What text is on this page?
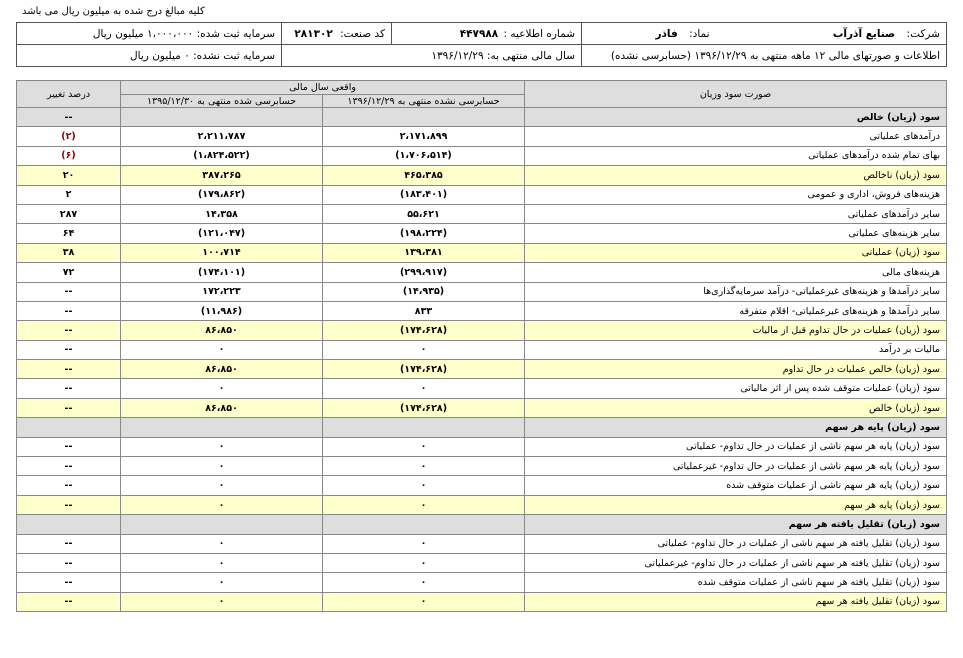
کلیه مبالغ درج شده به میلیون ریال می باشد
شرکت: صنایع آذرآب نماد: فاذر	شماره اطلاعیه : ۴۴۷۹۸۸	کد صنعت: ۲۸۱۳۰۲	سرمایه ثبت شده: ۱،۰۰۰،۰۰۰ میلیون ریال
اطلاعات و صورتهای مالی ۱۲ ماهه منتهی به ۱۳۹۶/۱۲/۲۹ (حسابرسی نشده)	سال مالی منتهی به: ۱۳۹۶/۱۲/۲۹		سرمایه ثبت نشده: ۰ میلیون ریال
صورت سود وزیان	واقعی سال مالی		درصد تغییر
	حسابرسی نشده منتهی به ۱۳۹۶/۱۲/۲۹	حسابرسی شده منتهی به ۱۳۹۵/۱۲/۳۰	
سود (زیان) خالص			--
درآمدهای عملیاتی	۲،۱۷۱،۸۹۹	۲،۲۱۱،۷۸۷	(۲)
بهای تمام شده درآمدهای عملیاتی	(۱،۷۰۶،۵۱۴)	(۱،۸۲۴،۵۲۲)	(۶)
سود (زیان) ناخالص	۴۶۵،۳۸۵	۳۸۷،۲۶۵	۲۰
هزینه‌های فروش، اداری و عمومی	(۱۸۳،۴۰۱)	(۱۷۹،۸۶۲)	۲
سایر درآمدهای عملیاتی	۵۵،۶۲۱	۱۴،۳۵۸	۲۸۷
سایر هزینه‌های عملیاتی	(۱۹۸،۲۲۴)	(۱۲۱،۰۴۷)	۶۴
سود (زیان) عملیاتی	۱۳۹،۳۸۱	۱۰۰،۷۱۴	۳۸
هزینه‌های مالی	(۲۹۹،۹۱۷)	(۱۷۴،۱۰۱)	۷۲
سایر درآمدها و هزینه‌های غیرعملیاتی- درآمد سرمایه‌گذاری‌ها	(۱۴،۹۳۵)	۱۷۲،۲۲۳	--
سایر درآمدها و هزینه‌های غیرعملیاتی- اقلام متفرقه	۸۳۳	(۱۱،۹۸۶)	--
سود (زیان) عملیات در حال تداوم قبل از مالیات	(۱۷۴،۶۲۸)	۸۶،۸۵۰	--
مالیات بر درآمد	۰	۰	--
سود (زیان) خالص عملیات در حال تداوم	(۱۷۴،۶۲۸)	۸۶،۸۵۰	--
سود (زیان) عملیات متوقف شده پس از اثر مالیاتی	۰	۰	--
سود (زیان) خالص	(۱۷۴،۶۲۸)	۸۶،۸۵۰	--
سود (زیان) پایه هر سهم			
سود (زیان) پایه هر سهم ناشی از عملیات در حال تداوم- عملیاتی	۰	۰	--
سود (زیان) پایه هر سهم ناشی از عملیات در حال تداوم- غیرعملیاتی	۰	۰	--
سود (زیان) پایه هر سهم ناشی از عملیات متوقف شده	۰	۰	--
سود (زیان) پایه هر سهم	۰	۰	--
سود (زیان) تقلیل یافته هر سهم			
سود (زیان) تقلیل یافته هر سهم ناشی از عملیات در حال تداوم- عملیاتی	۰	۰	--
سود (زیان) تقلیل یافته هر سهم ناشی از عملیات در حال تداوم- غیرعملیاتی	۰	۰	--
سود (زیان) تقلیل یافته هر سهم ناشی از عملیات متوقف شده	۰	۰	--
سود (زیان) تقلیل یافته هر سهم	۰	۰	--
